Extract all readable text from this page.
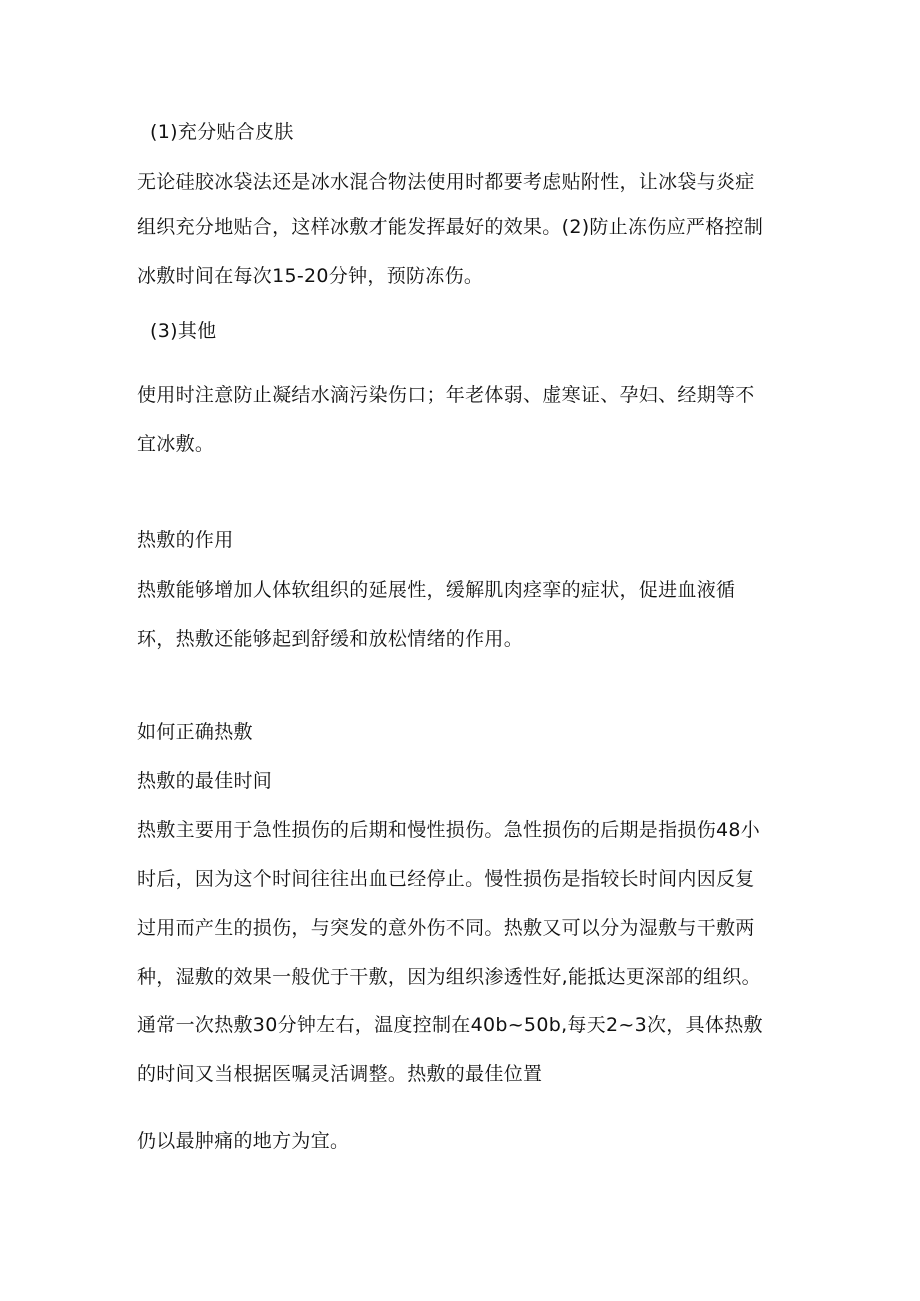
(1)充分贴合皮肤
无论硅胶冰袋法还是冰水混合物法使用时都要考虑贴附性，让冰袋与炎症
组织充分地贴合，这样冰敷才能发挥最好的效果。(2)防止冻伤应严格控制
冰敷时间在每次15-20分钟，预防冻伤。
(3)其他
使用时注意防止凝结水滴污染伤口；年老体弱、虚寒证、孕妇、经期等不
宜冰敷。
热敷的作用
热敷能够增加人体软组织的延展性，缓解肌肉痉挛的症状，促进血液循
环，热敷还能够起到舒缓和放松情绪的作用。
如何正确热敷
热敷的最佳时间
热敷主要用于急性损伤的后期和慢性损伤。急性损伤的后期是指损伤48小
时后，因为这个时间往往出血已经停止。慢性损伤是指较长时间内因反复
过用而产生的损伤，与突发的意外伤不同。热敷又可以分为湿敷与干敷两
种，湿敷的效果一般优于干敷，因为组织渗透性好,能抵达更深部的组织。
通常一次热敷30分钟左右，温度控制在40b~50b,每天2~3次，具体热敷
的时间又当根据医嘱灵活调整。热敷的最佳位置
仍以最肿痛的地方为宜。
